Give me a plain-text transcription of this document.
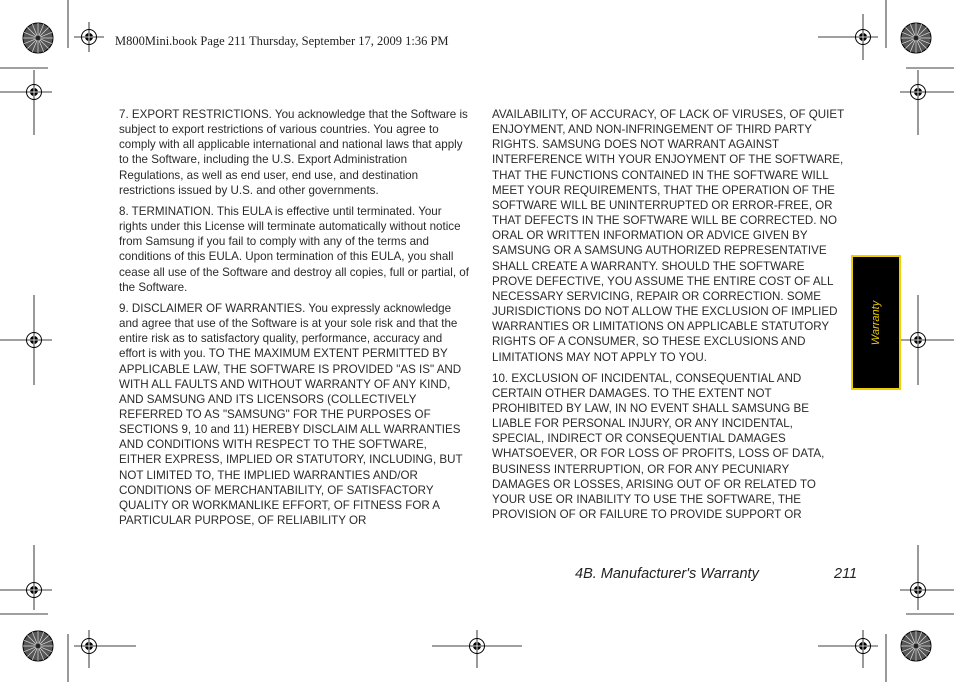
M800Mini.book Page 211 Thursday, September 17, 2009 1:36 PM

7. EXPORT RESTRICTIONS. You acknowledge that the Software is subject to export restrictions of various countries. You agree to comply with all applicable international and national laws that apply to the Software, including the U.S. Export Administration Regulations, as well as end user, end use, and destination restrictions issued by U.S. and other governments.

8. TERMINATION. This EULA is effective until terminated. Your rights under this License will terminate automatically without notice from Samsung if you fail to comply with any of the terms and conditions of this EULA. Upon termination of this EULA, you shall cease all use of the Software and destroy all copies, full or partial, of the Software.

9. DISCLAIMER OF WARRANTIES. You expressly acknowledge and agree that use of the Software is at your sole risk and that the entire risk as to satisfactory quality, performance, accuracy and effort is with you. TO THE MAXIMUM EXTENT PERMITTED BY APPLICABLE LAW, THE SOFTWARE IS PROVIDED "AS IS" AND WITH ALL FAULTS AND WITHOUT WARRANTY OF ANY KIND, AND SAMSUNG AND ITS LICENSORS (COLLECTIVELY REFERRED TO AS "SAMSUNG" FOR THE PURPOSES OF SECTIONS 9, 10 and 11) HEREBY DISCLAIM ALL WARRANTIES AND CONDITIONS WITH RESPECT TO THE SOFTWARE, EITHER EXPRESS, IMPLIED OR STATUTORY, INCLUDING, BUT NOT LIMITED TO, THE IMPLIED WARRANTIES AND/OR CONDITIONS OF MERCHANTABILITY, OF SATISFACTORY QUALITY OR WORKMANLIKE EFFORT, OF FITNESS FOR A PARTICULAR PURPOSE, OF RELIABILITY OR

AVAILABILITY, OF ACCURACY, OF LACK OF VIRUSES, OF QUIET ENJOYMENT, AND NON-INFRINGEMENT OF THIRD PARTY RIGHTS. SAMSUNG DOES NOT WARRANT AGAINST INTERFERENCE WITH YOUR ENJOYMENT OF THE SOFTWARE, THAT THE FUNCTIONS CONTAINED IN THE SOFTWARE WILL MEET YOUR REQUIREMENTS, THAT THE OPERATION OF THE SOFTWARE WILL BE UNINTERRUPTED OR ERROR-FREE, OR THAT DEFECTS IN THE SOFTWARE WILL BE CORRECTED. NO ORAL OR WRITTEN INFORMATION OR ADVICE GIVEN BY SAMSUNG OR A SAMSUNG AUTHORIZED REPRESENTATIVE SHALL CREATE A WARRANTY. SHOULD THE SOFTWARE PROVE DEFECTIVE, YOU ASSUME THE ENTIRE COST OF ALL NECESSARY SERVICING, REPAIR OR CORRECTION. SOME JURISDICTIONS DO NOT ALLOW THE EXCLUSION OF IMPLIED WARRANTIES OR LIMITATIONS ON APPLICABLE STATUTORY RIGHTS OF A CONSUMER, SO THESE EXCLUSIONS AND LIMITATIONS MAY NOT APPLY TO YOU.

10. EXCLUSION OF INCIDENTAL, CONSEQUENTIAL AND CERTAIN OTHER DAMAGES. TO THE EXTENT NOT PROHIBITED BY LAW, IN NO EVENT SHALL SAMSUNG BE LIABLE FOR PERSONAL INJURY, OR ANY INCIDENTAL, SPECIAL, INDIRECT OR CONSEQUENTIAL DAMAGES WHATSOEVER, OR FOR LOSS OF PROFITS, LOSS OF DATA, BUSINESS INTERRUPTION, OR FOR ANY PECUNIARY DAMAGES OR LOSSES, ARISING OUT OF OR RELATED TO YOUR USE OR INABILITY TO USE THE SOFTWARE, THE PROVISION OF OR FAILURE TO PROVIDE SUPPORT OR

Warranty
4B. Manufacturer's Warranty	211
